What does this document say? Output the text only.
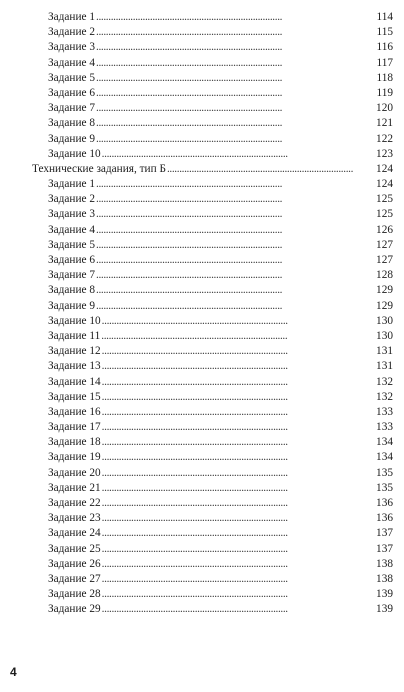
Задание 1 . . .	114
Задание 2 . . .	115
Задание 3 . . .	116
Задание 4 . . .	117
Задание 5 . . .	118
Задание 6 . . .	119
Задание 7 . . .	120
Задание 8 . . .	121
Задание 9 . . .	122
Задание 10 . . .	123
Технические задания, тип Б . . .	124
Задание 1 . . .	124
Задание 2 . . .	125
Задание 3 . . .	125
Задание 4 . . .	126
Задание 5 . . .	127
Задание 6 . . .	127
Задание 7 . . .	128
Задание 8 . . .	129
Задание 9 . . .	129
Задание 10 . . .	130
Задание 11 . . .	130
Задание 12 . . .	131
Задание 13 . . .	131
Задание 14 . . .	132
Задание 15 . . .	132
Задание 16 . . .	133
Задание 17 . . .	133
Задание 18 . . .	134
Задание 19 . . .	134
Задание 20 . . .	135
Задание 21 . . .	135
Задание 22 . . .	136
Задание 23 . . .	136
Задание 24 . . .	137
Задание 25 . . .	137
Задание 26 . . .	138
Задание 27 . . .	138
Задание 28 . . .	139
Задание 29 . . .	139
4
